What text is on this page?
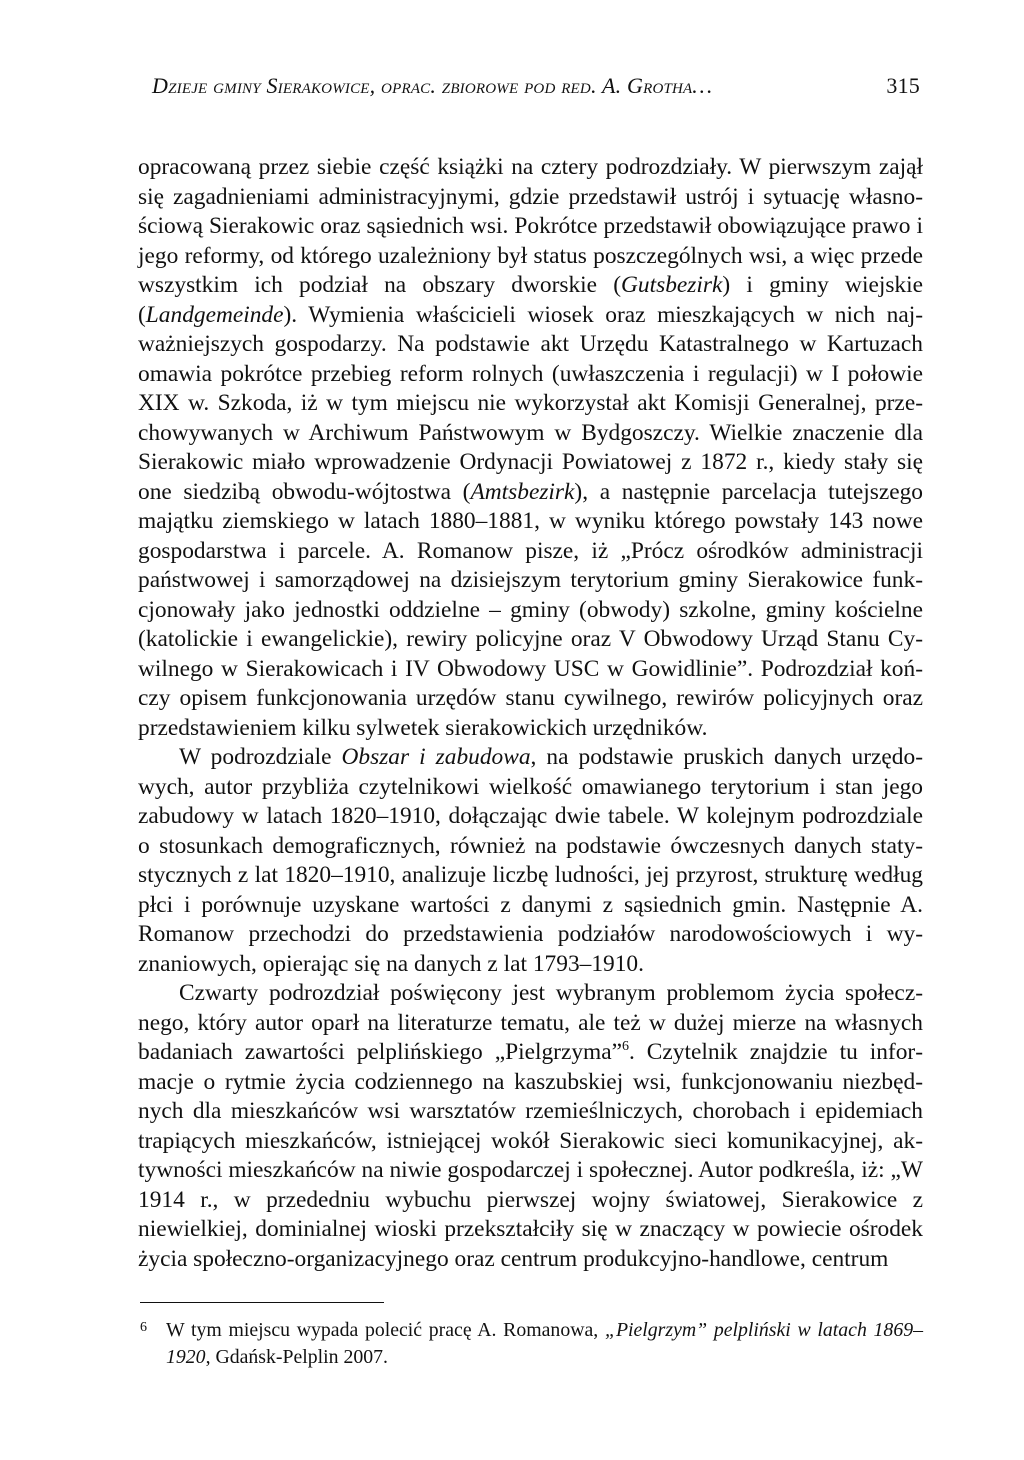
Dzieje gminy Sierakowice, oprac. zbiorowe pod red. A. Grotha…	315

opracowaną przez siebie część książki na cztery podrozdziały. W pierwszym zajął się zagadnieniami administracyjnymi, gdzie przedstawił ustrój i sytuację własnościową Sierakowic oraz sąsiednich wsi. Pokrótce przedstawił obowiązujące prawo i jego reformy, od którego uzależniony był status poszczególnych wsi, a więc przede wszystkim ich podział na obszary dworskie (Gutsbezirk) i gminy wiejskie (Landgemeinde). Wymienia właścicieli wiosek oraz mieszkających w nich najważniejszych gospodarzy. Na podstawie akt Urzędu Katastralnego w Kartuzach omawia pokrótce przebieg reform rolnych (uwłaszczenia i regulacji) w I połowie XIX w. Szkoda, iż w tym miejscu nie wykorzystał akt Komisji Generalnej, przechowywanych w Archiwum Państwowym w Bydgoszczy. Wielkie znaczenie dla Sierakowic miało wprowadzenie Ordynacji Powiatowej z 1872 r., kiedy stały się one siedzibą obwodu-wójtostwa (Amtsbezirk), a następnie parcelacja tutejszego majątku ziemskiego w latach 1880–1881, w wyniku którego powstały 143 nowe gospodarstwa i parcele. A. Romanow pisze, iż „Prócz ośrodków administracji państwowej i samorządowej na dzisiejszym terytorium gminy Sierakowice funkcjonowały jako jednostki oddzielne – gminy (obwody) szkolne, gminy kościelne (katolickie i ewangelickie), rewiry policyjne oraz V Obwodowy Urząd Stanu Cywilnego w Sierakowicach i IV Obwodowy USC w Gowidlinie”. Podrozdział kończy opisem funkcjonowania urzędów stanu cywilnego, rewirów policyjnych oraz przedstawieniem kilku sylwetek sierakowickich urzędników.

W podrozdziale Obszar i zabudowa, na podstawie pruskich danych urzędowych, autor przybliża czytelnikowi wielkość omawianego terytorium i stan jego zabudowy w latach 1820–1910, dołączając dwie tabele. W kolejnym podrozdziale o stosunkach demograficznych, również na podstawie ówczesnych danych statystycznych z lat 1820–1910, analizuje liczbę ludności, jej przyrost, strukturę według płci i porównuje uzyskane wartości z danymi z sąsiednich gmin. Następnie A. Romanow przechodzi do przedstawienia podziałów narodowościowych i wyznaniowych, opierając się na danych z lat 1793–1910.

Czwarty podrozdział poświęcony jest wybranym problemom życia społecznego, który autor oparł na literaturze tematu, ale też w dużej mierze na własnych badaniach zawartości pelplińskiego „Pielgrzyma”$^6$. Czytelnik znajdzie tu informacje o rytmie życia codziennego na kaszubskiej wsi, funkcjonowaniu niezbędnych dla mieszkańców wsi warsztatów rzemieślniczych, chorobach i epidemiach trapiących mieszkańców, istniejącej wokół Sierakowic sieci komunikacyjnej, aktywności mieszkańców na niwie gospodarczej i społecznej. Autor podkreśla, iż: „W 1914 r., w przededniu wybuchu pierwszej wojny światowej, Sierakowice z niewielkiej, dominialnej wioski przekształciły się w znaczący w powiecie ośrodek życia społeczno-organizacyjnego oraz centrum produkcyjno-handlowe, centrum

6 W tym miejscu wypada polecić pracę A. Romanowa, „Pielgrzym” pelpliński w latach 1869–1920, Gdańsk-Pelplin 2007.
